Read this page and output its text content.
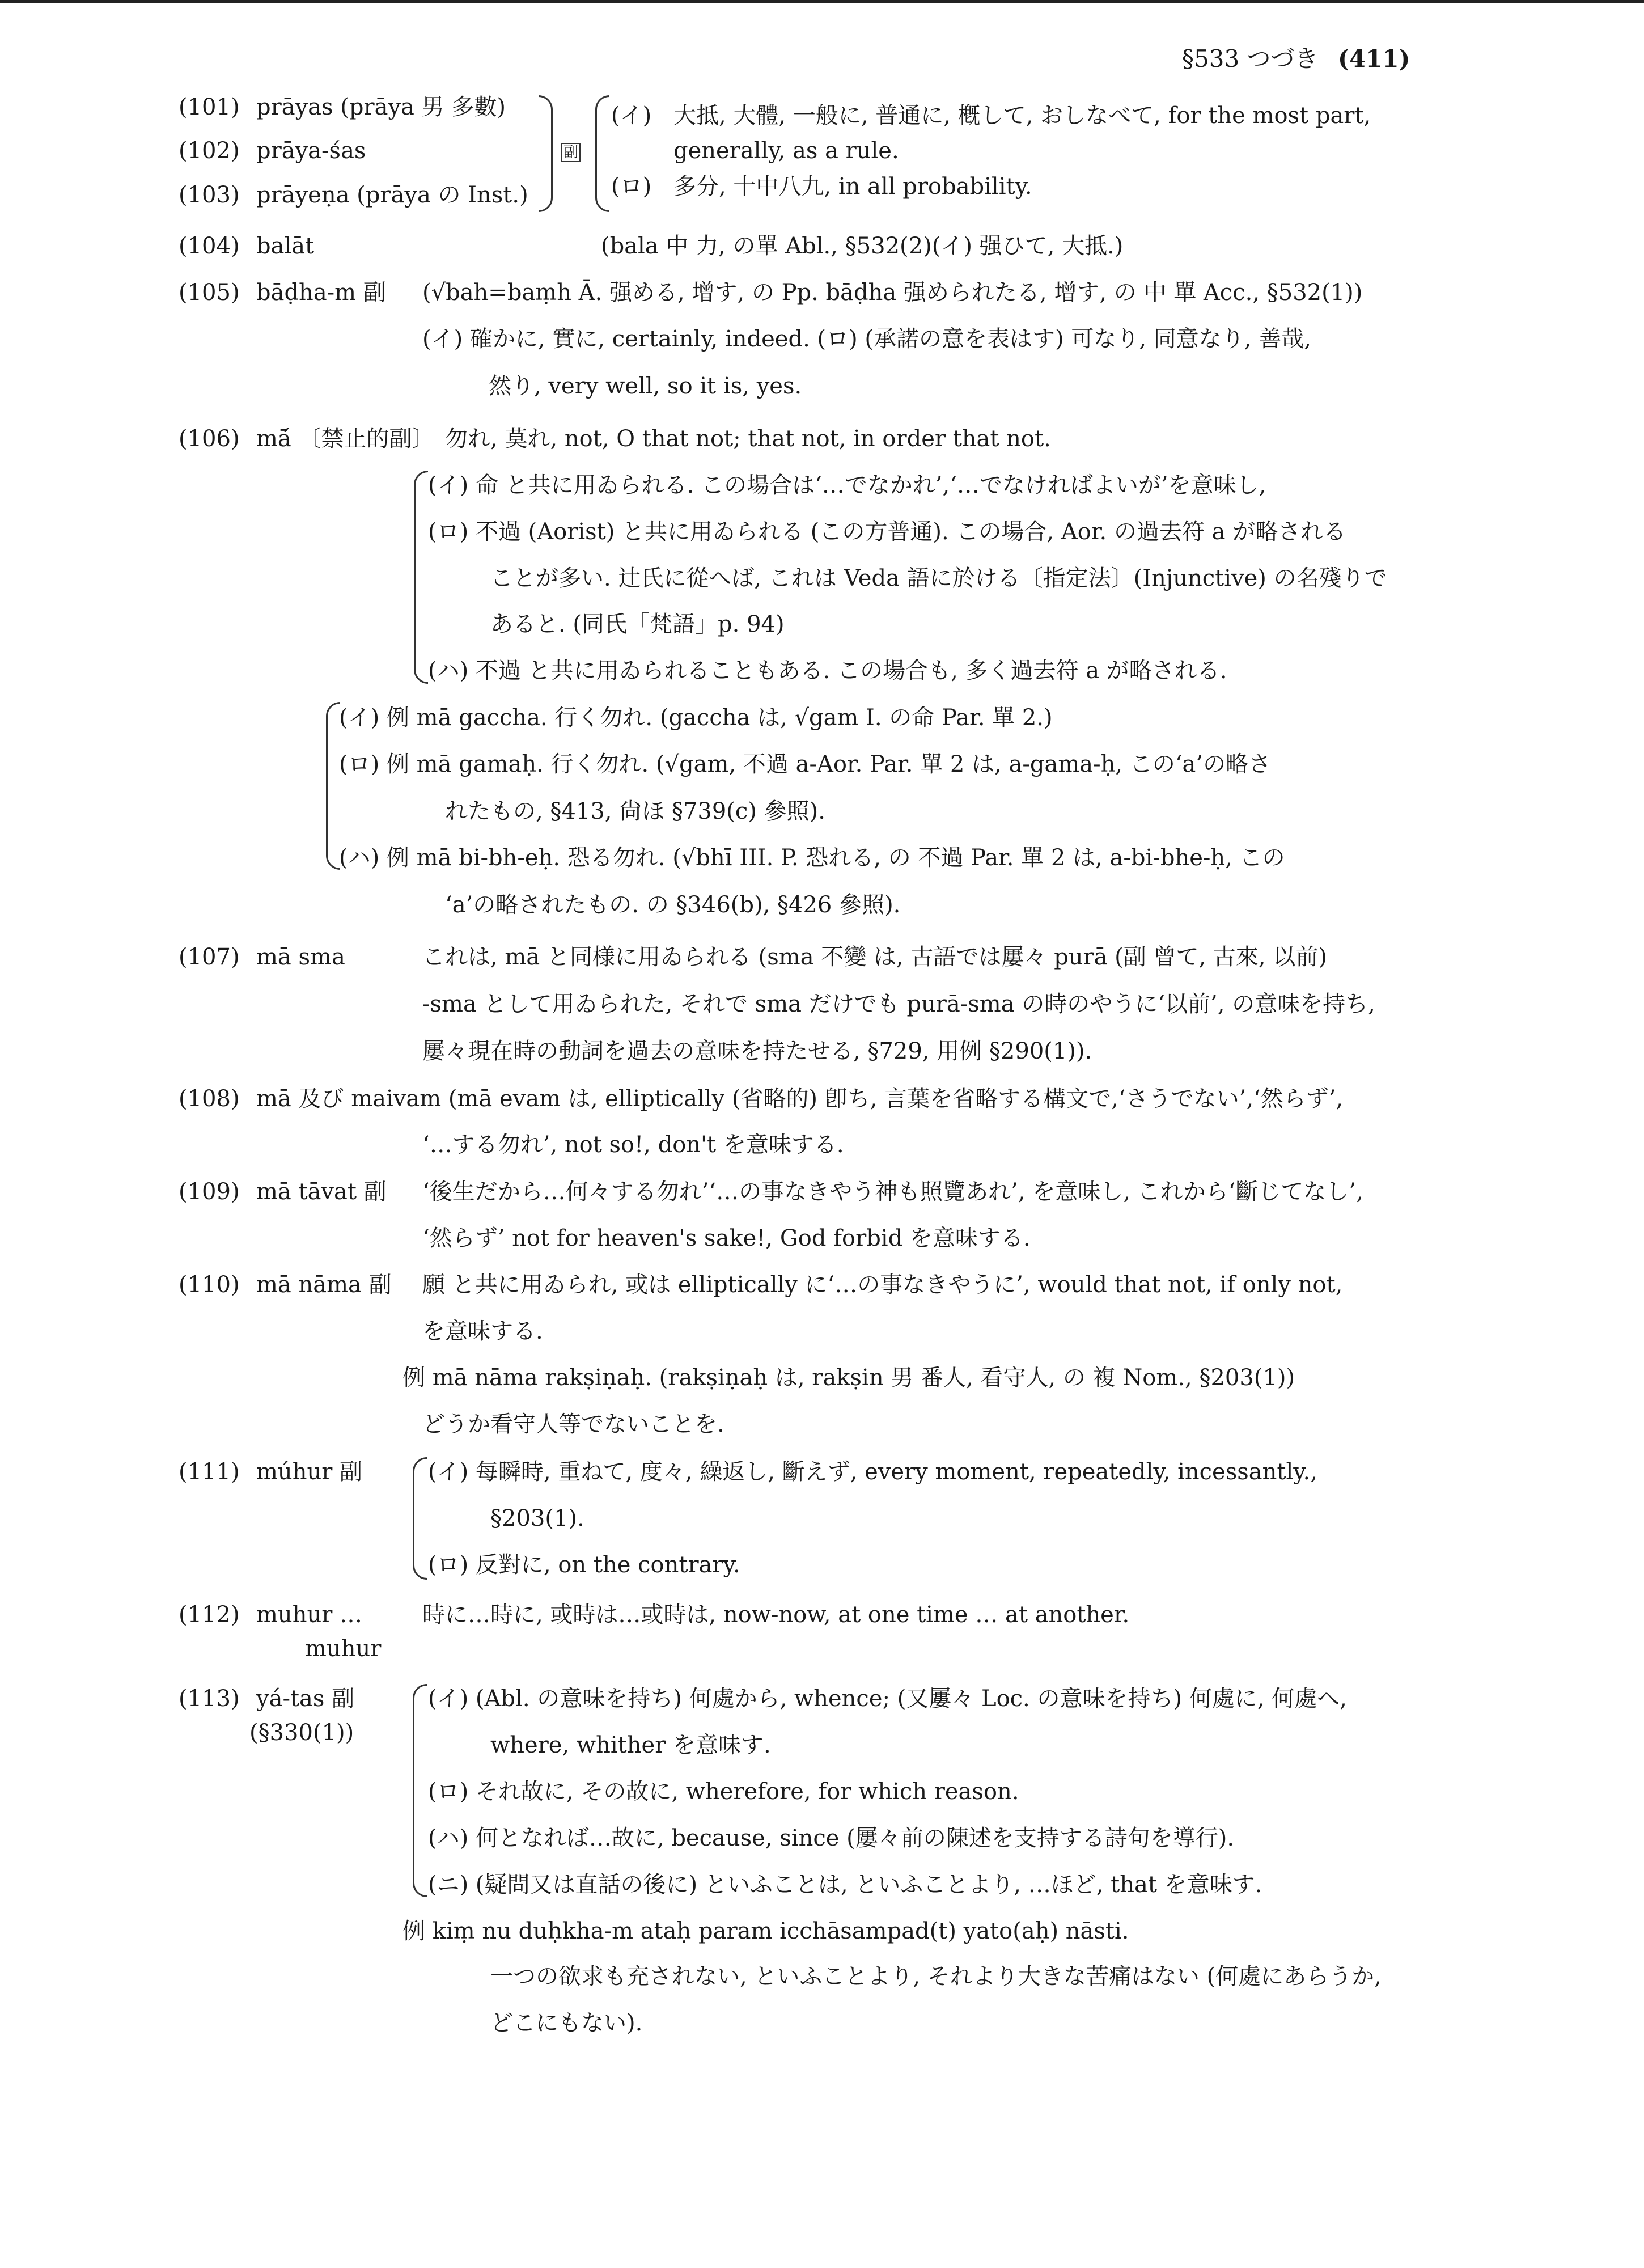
§533 つづき (411)
(101) prāyas (prāya 男 多數)
(102) prāya-śas
(103) prāyeṇa (prāya の Inst.)
副
(イ) 大抵, 大體, 一般に, 普通に, 槪して, おしなべて, for the most part,
generally, as a rule.
(ロ) 多分, 十中八九, in all probability.
(104) balāt	(bala 中 力, の單 Abl., §532(2)(イ) 强ひて, 大抵.)
(105) bāḍha-m 副 (√bah=baṃh Ā. 强める, 增す, の Pp. bāḍha 强められたる, 增す, の 中 單 Acc., §532(1))
(イ) 確かに, 實に, certainly, indeed. (ロ) (承諾の意を表はす) 可なり, 同意なり, 善哉,
然り, very well, so it is, yes.
(106) mā́ 〔禁止的副〕 勿れ, 莫れ, not, O that not; that not, in order that not.
(イ) 命 と共に用ゐられる. この場合は‘…でなかれ’,‘…でなければよいが’を意味し,
(ロ) 不過 (Aorist) と共に用ゐられる (この方普通). この場合, Aor. の過去符 a が略される
ことが多い. 辻氏に從へば, これは Veda 語に於ける〔指定法〕(Injunctive) の名殘りで
あると. (同氏「梵語」p. 94)
(ハ) 不過 と共に用ゐられることもある. この場合も, 多く過去符 a が略される.
(イ) 例 mā gaccha. 行く勿れ. (gaccha は, √gam I. の命 Par. 單 2.)
(ロ) 例 mā gamaḥ. 行く勿れ. (√gam, 不過 a-Aor. Par. 單 2 は, a-gama-ḥ, この‘a’の略さ
れたもの, §413, 尙ほ §739(c) 參照).
(ハ) 例 mā bi-bh-eḥ. 恐る勿れ. (√bhī III. P. 恐れる, の 不過 Par. 單 2 は, a-bi-bhe-ḥ, この
‘a’の略されたもの. の §346(b), §426 參照).
(107) mā sma	これは, mā と同様に用ゐられる (sma 不變 は, 古語では屢々 purā (副 曾て, 古來, 以前)
-sma として用ゐられた, それで sma だけでも purā-sma の時のやうに‘以前’, の意味を持ち,
屢々現在時の動詞を過去の意味を持たせる, §729, 用例 §290(1)).
(108) mā 及び maivam (mā evam は, elliptically (省略的) 卽ち, 言葉を省略する構文で,‘さうでない’,‘然らず’,
‘…する勿れ’, not so!, don't を意味する.
(109) mā tāvat 副 ‘後生だから…何々する勿れ’‘…の事なきやう神も照覽あれ’, を意味し, これから‘斷じてなし’,
‘然らず’ not for heaven's sake!, God forbid を意味する.
(110) mā nāma 副 願 と共に用ゐられ, 或は elliptically に‘…の事なきやうに’, would that not, if only not,
を意味する.
例 mā nāma rakṣiṇaḥ. (rakṣiṇaḥ は, rakṣin 男 番人, 看守人, の 複 Nom., §203(1))
どうか看守人等でないことを.
(111) múhur 副	(イ) 每瞬時, 重ねて, 度々, 繰返し, 斷えず, every moment, repeatedly, incessantly.,
§203(1).
(ロ) 反對に, on the contrary.
(112) muhur …
muhur
時に…時に, 或時は…或時は, now-now, at one time … at another.
(113) yá-tas 副
(§330(1))
(イ) (Abl. の意味を持ち) 何處から, whence; (又屢々 Loc. の意味を持ち) 何處に, 何處へ,
where, whither を意味す.
(ロ) それ故に, その故に, wherefore, for which reason.
(ハ) 何となれば…故に, because, since (屢々前の陳述を支持する詩句を導行).
(ニ) (疑問又は直話の後に) といふことは, といふことより, …ほど, that を意味す.
例 kiṃ nu duḥkha-m ataḥ param icchāsampad(t) yato(aḥ) nāsti.
一つの欲求も充されない, といふことより, それより大きな苦痛はない (何處にあらうか,
どこにもない).
